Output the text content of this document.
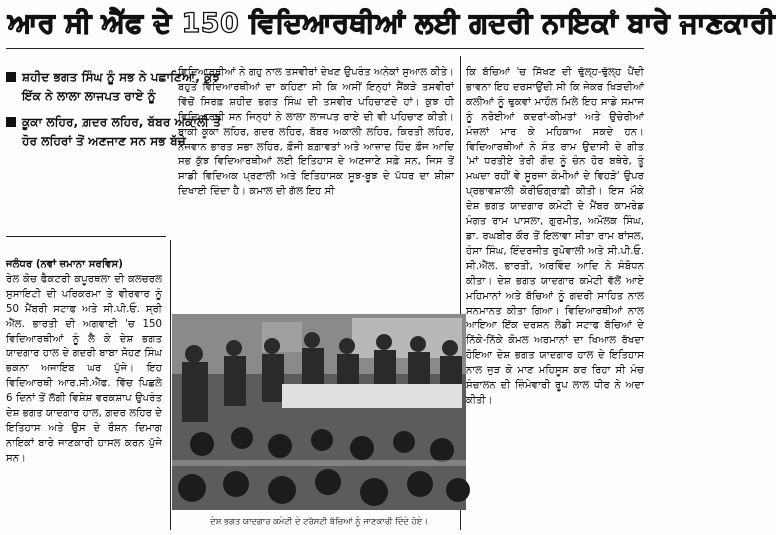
ਆਰ ਸੀ ਐੱਫ ਦੇ 150 ਵਿਦਿਆਰਥੀਆਂ ਲਈ ਗਦਰੀ ਨਾਇਕਾਂ ਬਾਰੇ ਜਾਣਕਾਰੀ
ਸ਼ਹੀਦ ਭਗਤ ਸਿੰਘ ਨੂੰ ਸਭ ਨੇ ਪਛਾਣਿਆ, ਕੁਝ ਇੱਕ ਨੇ ਲਾਲਾ ਲਾਜਪਤ ਰਾਏ ਨੂੰ
ਕੂਕਾ ਲਹਿਰ, ਗ਼ਦਰ ਲਹਿਰ, ਬੱਬਰ ਅਕਾਲੀ ਤੇ ਹੋਰ ਲਹਿਰਾਂ ਤੋਂ ਅਣਜਾਣ ਸਨ ਸਭ ਬੱਚੇ

ਜਲੰਧਰ (ਨਵਾਂ ਜ਼ਮਾਨਾ ਸਰਵਿਸ)

ਰੇਲ ਕੋਚ ਫੈਕਟਰੀ ਕਪੂਰਥਲਾ ਦੀ ਕਲਚਰਲ ਸੁਸਾਇਟੀ ਦੀ ਪਰਿਕਰਮਾ ਤੇ ਵੀਰਵਾਰ ਨੂੰ 50 ਮੈਂਬਰੀ ਸਟਾਫ ਅਤੇ ਸੀ.ਪੀ.ਓ. ਸ੍ਰੀ ਐੱਲ. ਭਾਰਤੀ ਦੀ ਅਗਵਾਈ 'ਚ 150 ਵਿਦਿਆਰਥੀਆਂ ਨੂੰ ਲੈ ਕੇ ਦੇਸ਼ ਭਗਤ ਯਾਦਗਾਰ ਹਾਲ ਦੇ ਗਦਰੀ ਬਾਬਾ ਸੋਹਣ ਸਿੰਘ ਭਕਨਾ ਅਜਾਇਬ ਘਰ ਪੁੱਜੇ। ਇਹ ਵਿਦਿਆਰਥੀ ਆਰ.ਸੀ.ਐੱਫ. ਵਿੱਚ ਪਿਛਲੇ 6 ਦਿਨਾਂ ਤੋਂ ਲੱਗੀ ਵਿਸ਼ੇਸ਼ ਵਰਕਸ਼ਾਪ ਉਪਰੰਤ ਦੇਸ਼ ਭਗਤ ਯਾਦਗਾਰ ਹਾਲ, ਗ਼ਦਰ ਲਹਿਰ ਦੇ ਇਤਿਹਾਸ ਅਤੇ ਉਸ ਦੇ ਰੌਸ਼ਨ ਦਿਮਾਗ ਨਾਇਕਾਂ ਬਾਰੇ ਜਾਣਕਾਰੀ ਹਾਸਲ ਕਰਨ ਪੁੱਜੇ ਸਨ।

ਵਿਦਿਆਰਥੀਆਂ ਨੇ ਗਹੁ ਨਾਲ ਤਸਵੀਰਾਂ ਦੇਖਣ ਉਪਰੰਤ ਅਨੇਕਾਂ ਸੁਆਲ ਕੀਤੇ। ਬਹੁਤੇ ਵਿਦਿਆਰਥੀਆਂ ਦਾ ਕਹਿਣਾ ਸੀ ਕਿ ਅਸੀਂ ਇਨ੍ਹਾਂ ਸੈਂਕੜੇ ਤਸਵੀਰਾਂ ਵਿੱਚੋਂ ਸਿਰਫ਼ ਸ਼ਹੀਦ ਭਗਤ ਸਿੰਘ ਦੀ ਤਸਵੀਰ ਪਹਿਚਾਣਦੇ ਹਾਂ। ਕੁਝ ਹੀ ਵਿਦਿਆਰਥੀ ਸਨ ਜਿਨ੍ਹਾਂ ਨੇ ਲਾਲਾ ਲਾਜਪਤ ਰਾਏ ਦੀ ਵੀ ਪਹਿਚਾਣ ਕੀਤੀ। ਬਾਕੀ ਕੂਕਾ ਲਹਿਰ, ਗਦਰ ਲਹਿਰ, ਬੱਬਰ ਅਕਾਲੀ ਲਹਿਰ, ਕਿਰਤੀ ਲਹਿਰ, ਨੌਜਵਾਨ ਭਾਰਤ ਸਭਾ ਲਹਿਰ, ਫ਼ੌਜੀ ਬਗ਼ਾਵਤਾਂ ਅਤੇ ਆਜ਼ਾਦ ਹਿੰਦ ਫ਼ੌਜ ਆਦਿ ਸਭ ਕੁੱਝ ਵਿਦਿਆਰਥੀਆਂ ਲਈ ਇਤਿਹਾਸ ਦੇ ਅਣਜਾਣੇ ਸਫ਼ੇ ਸਨ, ਜਿਸ ਤੋਂ ਸਾਡੀ ਵਿਦਿਅਕ ਪ੍ਰਣਾਲੀ ਅਤੇ ਇਤਿਹਾਸਕ ਸੂਝ-ਬੂਝ ਦੇ ਪੱਧਰ ਦਾ ਸ਼ੀਸ਼ਾ ਦਿਖਾਈ ਦਿੰਦਾ ਹੈ। ਕਮਾਲ ਦੀ ਗੱਲ ਇਹ ਸੀ

ਕਿ ਬੱਚਿਆਂ 'ਚ ਸਿੱਖਣ ਦੀ ਢੁੱਲ੍ਹ-ਢੁੱਲ੍ਹ ਪੈਂਦੀ ਭਾਵਨਾ ਇਹ ਦਰਸਾਉਂਦੀ ਸੀ ਕਿ ਜੇਕਰ ਖਿੜਦੀਆਂ ਕਲੀਆਂ ਨੂੰ ਢੁਕਵਾਂ ਮਾਹੌਲ ਮਿਲੇ ਇਹ ਸਾਡੇ ਸਮਾਜ ਨੂੰ ਨਰੋਈਆਂ ਕਦਰਾਂ-ਕੀਮਤਾਂ ਅਤੇ ਉਚੇਰੀਆਂ ਮੰਜ਼ਲਾਂ ਮਾਰ ਕੇ ਮਹਿਕਾਅ ਸਕਦੇ ਹਨ। ਵਿਦਿਆਰਥੀਆਂ ਨੇ ਸੰਤ ਰਾਮ ਉਦਾਸੀ ਦੇ ਗੀਤ 'ਮਾਂ ਧਰਤੀਏ ਤੇਰੀ ਗੋਦ ਨੂੰ ਚੰਨ ਹੋਰ ਬਥੇਰੇ, ਤੂੰ ਮਘਦਾ ਰਹੀਂ ਵੇ ਸੂਰਜਾ ਕੰਮੀਆਂ ਦੇ ਵਿਹੜੇ' ਉਪਰ ਪ੍ਰਭਾਵਸ਼ਾਲੀ ਕੋਰੀਓਗ੍ਰਾਫ਼ੀ ਕੀਤੀ। ਇਸ ਮੌਕੇ ਦੇਸ਼ ਭਗਤ ਯਾਦਗਾਰ ਕਮੇਟੀ ਦੇ ਮੈਂਬਰ ਕਾਮਰੇਡ ਮੰਗਤ ਰਾਮ ਪਾਸਲਾ, ਗੁਰਮੀਤ, ਅਮੋਲਕ ਸਿੰਘ, ਡਾ. ਰਘਬੀਰ ਕੌਰ ਤੋਂ ਇਲਾਵਾ ਸੀਤਾ ਰਾਮ ਬਾਂਸਲ, ਹੰਸਾ ਸਿੰਘ, ਇੰਦਰਜੀਤ ਰੁਪੋਵਾਲੀ ਅਤੇ ਸੀ.ਪੀ.ਓ. ਸੀ.ਐੱਲ. ਭਾਰਤੀ, ਅਰਵਿੰਦ ਆਦਿ ਨੇ ਸੰਬੋਧਨ ਕੀਤਾ। ਦੇਸ਼ ਭਗਤ ਯਾਦਗਾਰ ਕਮੇਟੀ ਵੱਲੋਂ ਆਏ ਮਹਿਮਾਨਾਂ ਅਤੇ ਬੱਚਿਆਂ ਨੂੰ ਗਦਰੀ ਸਾਹਿਤ ਨਾਲ ਸਨਮਾਨਤ ਕੀਤਾ ਗਿਆ। ਵਿਦਿਆਰਥੀਆਂ ਨਾਲ ਆਇਆ ਇੱਕ ਦਰਸ਼ਨ ਲੇਡੀ ਸਟਾਫ ਬੱਚਿਆਂ ਦੇ ਨਿੱਕੇ-ਨਿੱਕੇ ਕੋਮਲ ਅਰਮਾਨਾਂ ਦਾ ਖਿਆਲ ਰੱਖਦਾ ਹੋਇਆ ਦੇਸ਼ ਭਗਤ ਯਾਦਗਾਰ ਹਾਲ ਦੇ ਇਤਿਹਾਸ ਨਾਲ ਜੁੜ ਕੇ ਮਾਣ ਮਹਿਸੂਸ ਕਰ ਰਿਹਾ ਸੀ ਮੰਚ ਸੰਚਾਲਨ ਦੀ ਜ਼ਿੰਮੇਵਾਰੀ ਰੂਪ ਲਾਲ ਧੀਰ ਨੇ ਅਦਾ ਕੀਤੀ।

ਦੇਸ਼ ਭਗਤ ਯਾਦਗਾਰ ਕਮੇਟੀ ਦੇ ਟਰੱਸਟੀ ਬੱਚਿਆਂ ਨੂੰ ਜਾਣਕਾਰੀ ਦਿੰਦੇ ਹੋਏ।
